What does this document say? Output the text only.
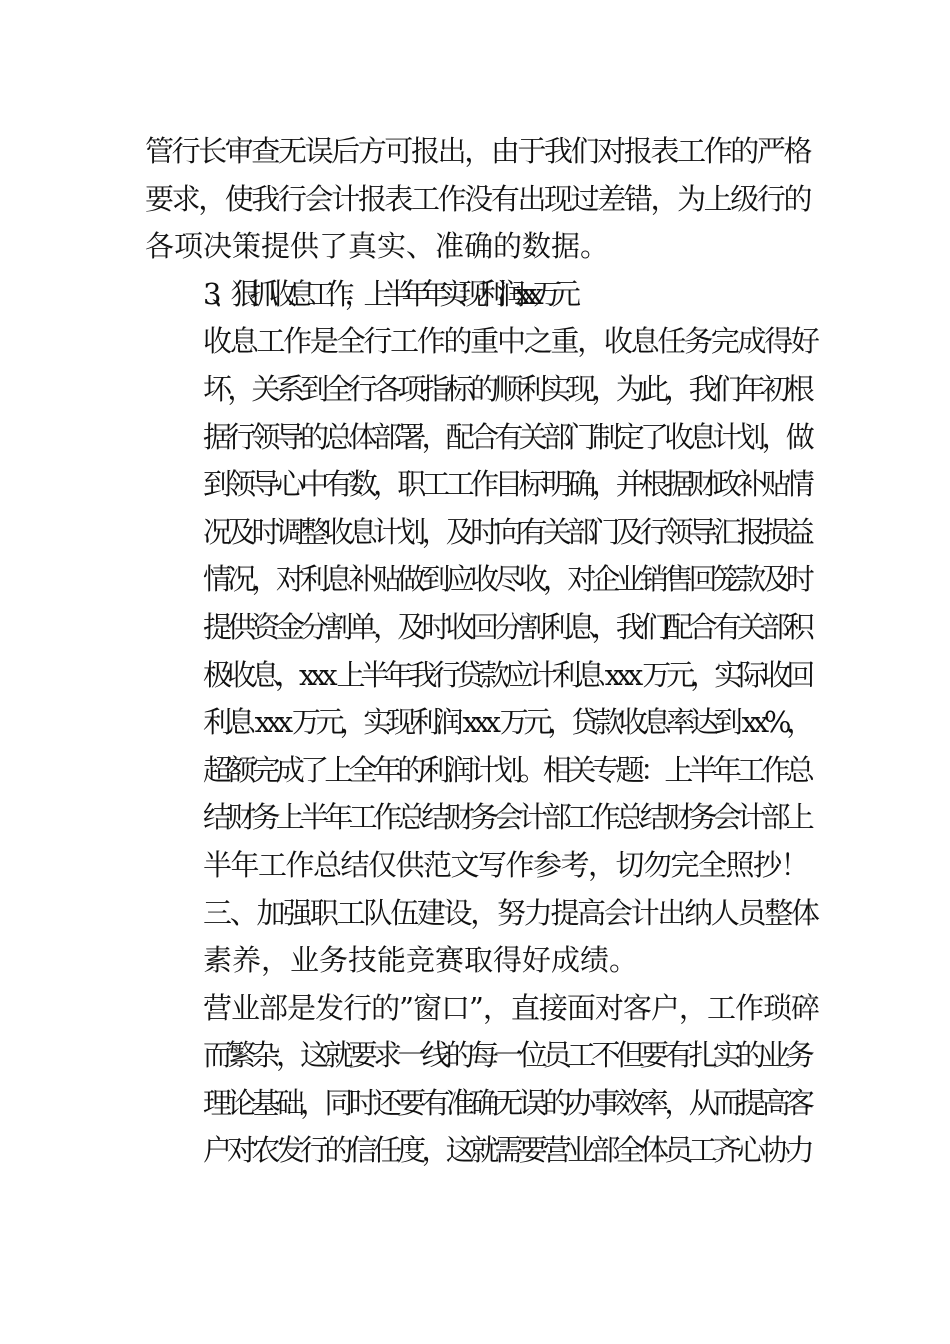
管行长审查无误后方可报出，由于我们对报表工作的严格
要求，使我行会计报表工作没有出现过差错，为上级行的
各项决策提供了真实、准确的数据。

3、狠抓收息工作，上半年年实现利润 xxx 万元

收息工作是全行工作的重中之重，收息任务完成得好
坏，关系到全行各项指标的顺利实现，为此，我们年初根
据行领导的总体部署，配合有关部门制定了收息计划，做
到领导心中有数，职工工作目标明确，并根据财政补贴情
况及时调整收息计划，及时向有关部门及行领导汇报损益
情况，对利息补贴做到应收尽收，对企业销售回笼款及时
提供资金分割单，及时收回分割利息，我们配合有关部积
极收息，xxx 上半年我行贷款应计利息 xxx 万元，实际收回
利息 xxx 万元，实现利润 xxx 万元，贷款收息率达到 xx%，
超额完成了上全年的利润计划。相关专题：上半年工作总
结财务上半年工作总结财务会计部工作总结财务会计部上
半年工作总结仅供范文写作参考，切勿完全照抄！

三、加强职工队伍建设，努力提高会计出纳人员整体
素养，业务技能竞赛取得好成绩。

营业部是发行的”窗口”，直接面对客户，工作琐碎
而繁杂，这就要求一线的每一位员工不但要有扎实的业务
理论基础，同时还要有准确无误的办事效率，从而提高客
户对农发行的信任度，这就需要营业部全体员工齐心协力
